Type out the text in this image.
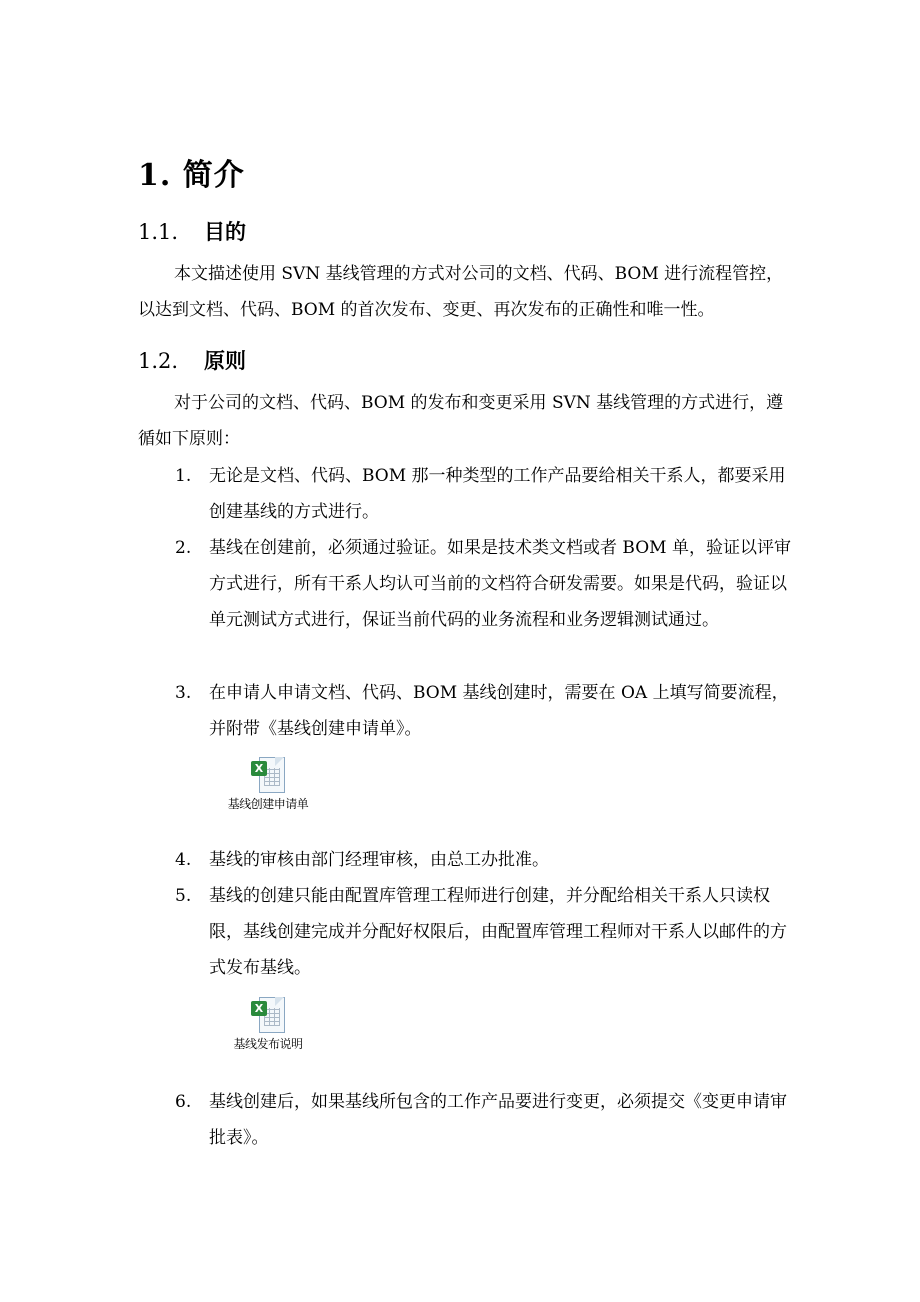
1. 简介
1.1. 目的

本文描述使用 SVN 基线管理的方式对公司的文档、代码、BOM 进行流程管控，以达到文档、代码、BOM 的首次发布、变更、再次发布的正确性和唯一性。

1.2. 原则

对于公司的文档、代码、BOM 的发布和变更采用 SVN 基线管理的方式进行，遵循如下原则：

1. 无论是文档、代码、BOM 那一种类型的工作产品要给相关干系人，都要采用创建基线的方式进行。
2. 基线在创建前，必须通过验证。如果是技术类文档或者 BOM 单，验证以评审方式进行，所有干系人均认可当前的文档符合研发需要。如果是代码，验证以单元测试方式进行，保证当前代码的业务流程和业务逻辑测试通过。
3. 在申请人申请文档、代码、BOM 基线创建时，需要在 OA 上填写简要流程，并附带《基线创建申请单》。
X
基线创建申请单
4. 基线的审核由部门经理审核，由总工办批准。
5. 基线的创建只能由配置库管理工程师进行创建，并分配给相关干系人只读权限，基线创建完成并分配好权限后，由配置库管理工程师对干系人以邮件的方式发布基线。
X
基线发布说明
6. 基线创建后，如果基线所包含的工作产品要进行变更，必须提交《变更申请审批表》。
